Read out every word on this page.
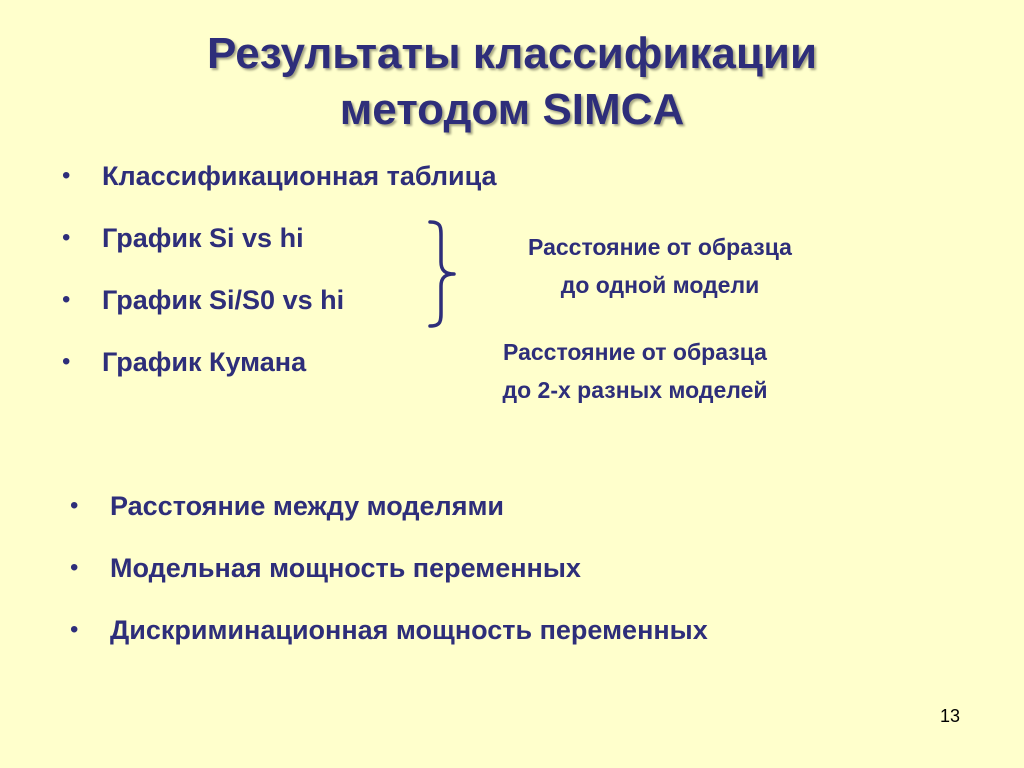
Результаты классификации
методом SIMCA
• Классификационная таблица
• График Si vs hi
• График Si/S0 vs hi
• График Кумана
Расстояние от образца
до одной модели
Расстояние от образца
до 2-х разных моделей
• Расстояние между моделями
• Модельная мощность переменных
• Дискриминационная мощность переменных
13
